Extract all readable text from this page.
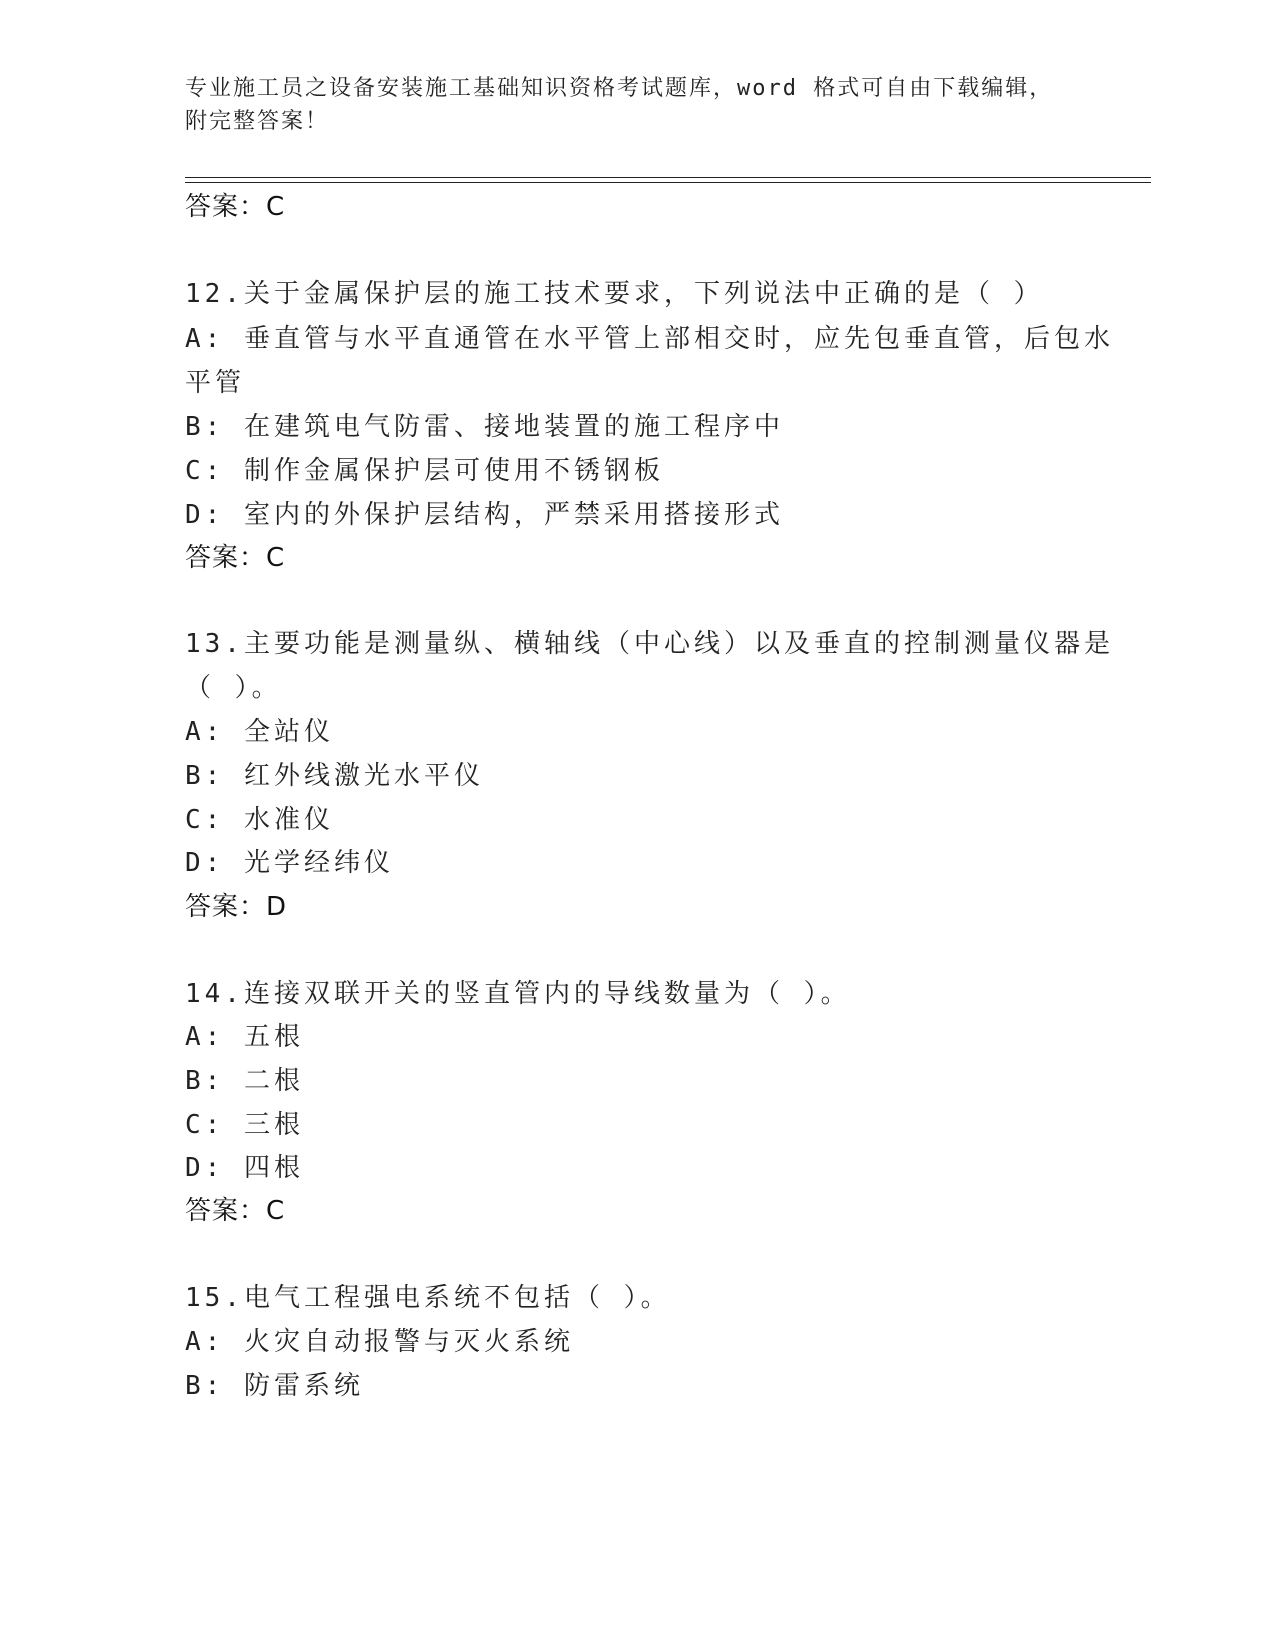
专业施工员之设备安装施工基础知识资格考试题库，word 格式可自由下载编辑，
附完整答案！
答案：C
12.关于金属保护层的施工技术要求，下列说法中正确的是（ ）
A: 垂直管与水平直通管在水平管上部相交时，应先包垂直管，后包水
平管
B: 在建筑电气防雷、接地装置的施工程序中
C: 制作金属保护层可使用不锈钢板
D: 室内的外保护层结构，严禁采用搭接形式
答案：C
13.主要功能是测量纵、横轴线（中心线）以及垂直的控制测量仪器是
（ ）。
A: 全站仪
B: 红外线激光水平仪
C: 水准仪
D: 光学经纬仪
答案：D
14.连接双联开关的竖直管内的导线数量为（ ）。
A: 五根
B: 二根
C: 三根
D: 四根
答案：C
15.电气工程强电系统不包括（ ）。
A: 火灾自动报警与灭火系统
B: 防雷系统
